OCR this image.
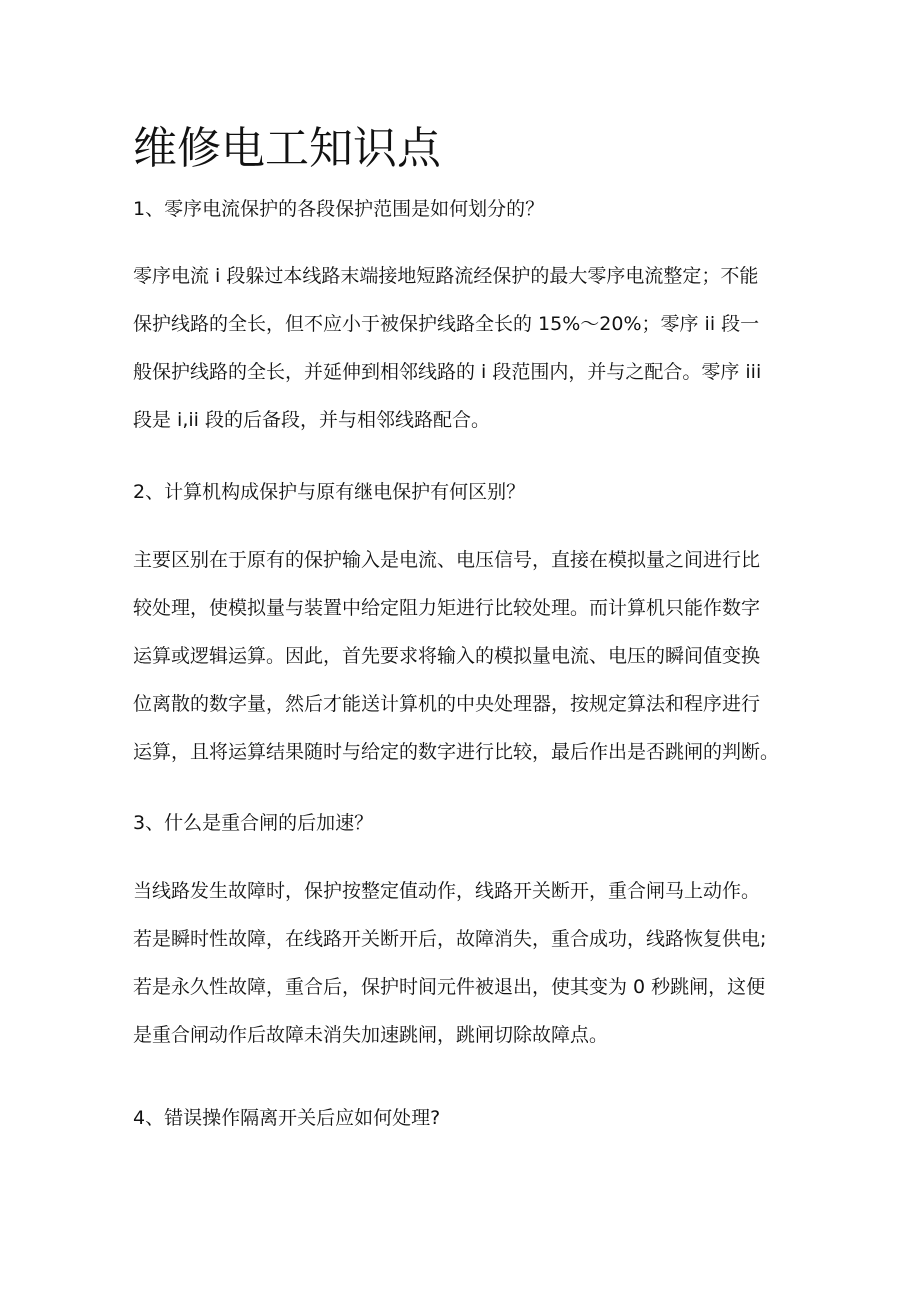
维修电工知识点

1、零序电流保护的各段保护范围是如何划分的？

零序电流 i 段躲过本线路末端接地短路流经保护的最大零序电流整定；不能
保护线路的全长，但不应小于被保护线路全长的 15%～20%；零序 ii 段一
般保护线路的全长，并延伸到相邻线路的 i 段范围内，并与之配合。零序 iii
段是 i,ii 段的后备段，并与相邻线路配合。

2、计算机构成保护与原有继电保护有何区别？

主要区别在于原有的保护输入是电流、电压信号，直接在模拟量之间进行比
较处理，使模拟量与装置中给定阻力矩进行比较处理。而计算机只能作数字
运算或逻辑运算。因此，首先要求将输入的模拟量电流、电压的瞬间值变换
位离散的数字量，然后才能送计算机的中央处理器，按规定算法和程序进行
运算，且将运算结果随时与给定的数字进行比较，最后作出是否跳闸的判断。

3、什么是重合闸的后加速？

当线路发生故障时，保护按整定值动作，线路开关断开，重合闸马上动作。
若是瞬时性故障，在线路开关断开后，故障消失，重合成功，线路恢复供电;
若是永久性故障，重合后，保护时间元件被退出，使其变为 0 秒跳闸，这便
是重合闸动作后故障未消失加速跳闸，跳闸切除故障点。

4、错误操作隔离开关后应如何处理?
